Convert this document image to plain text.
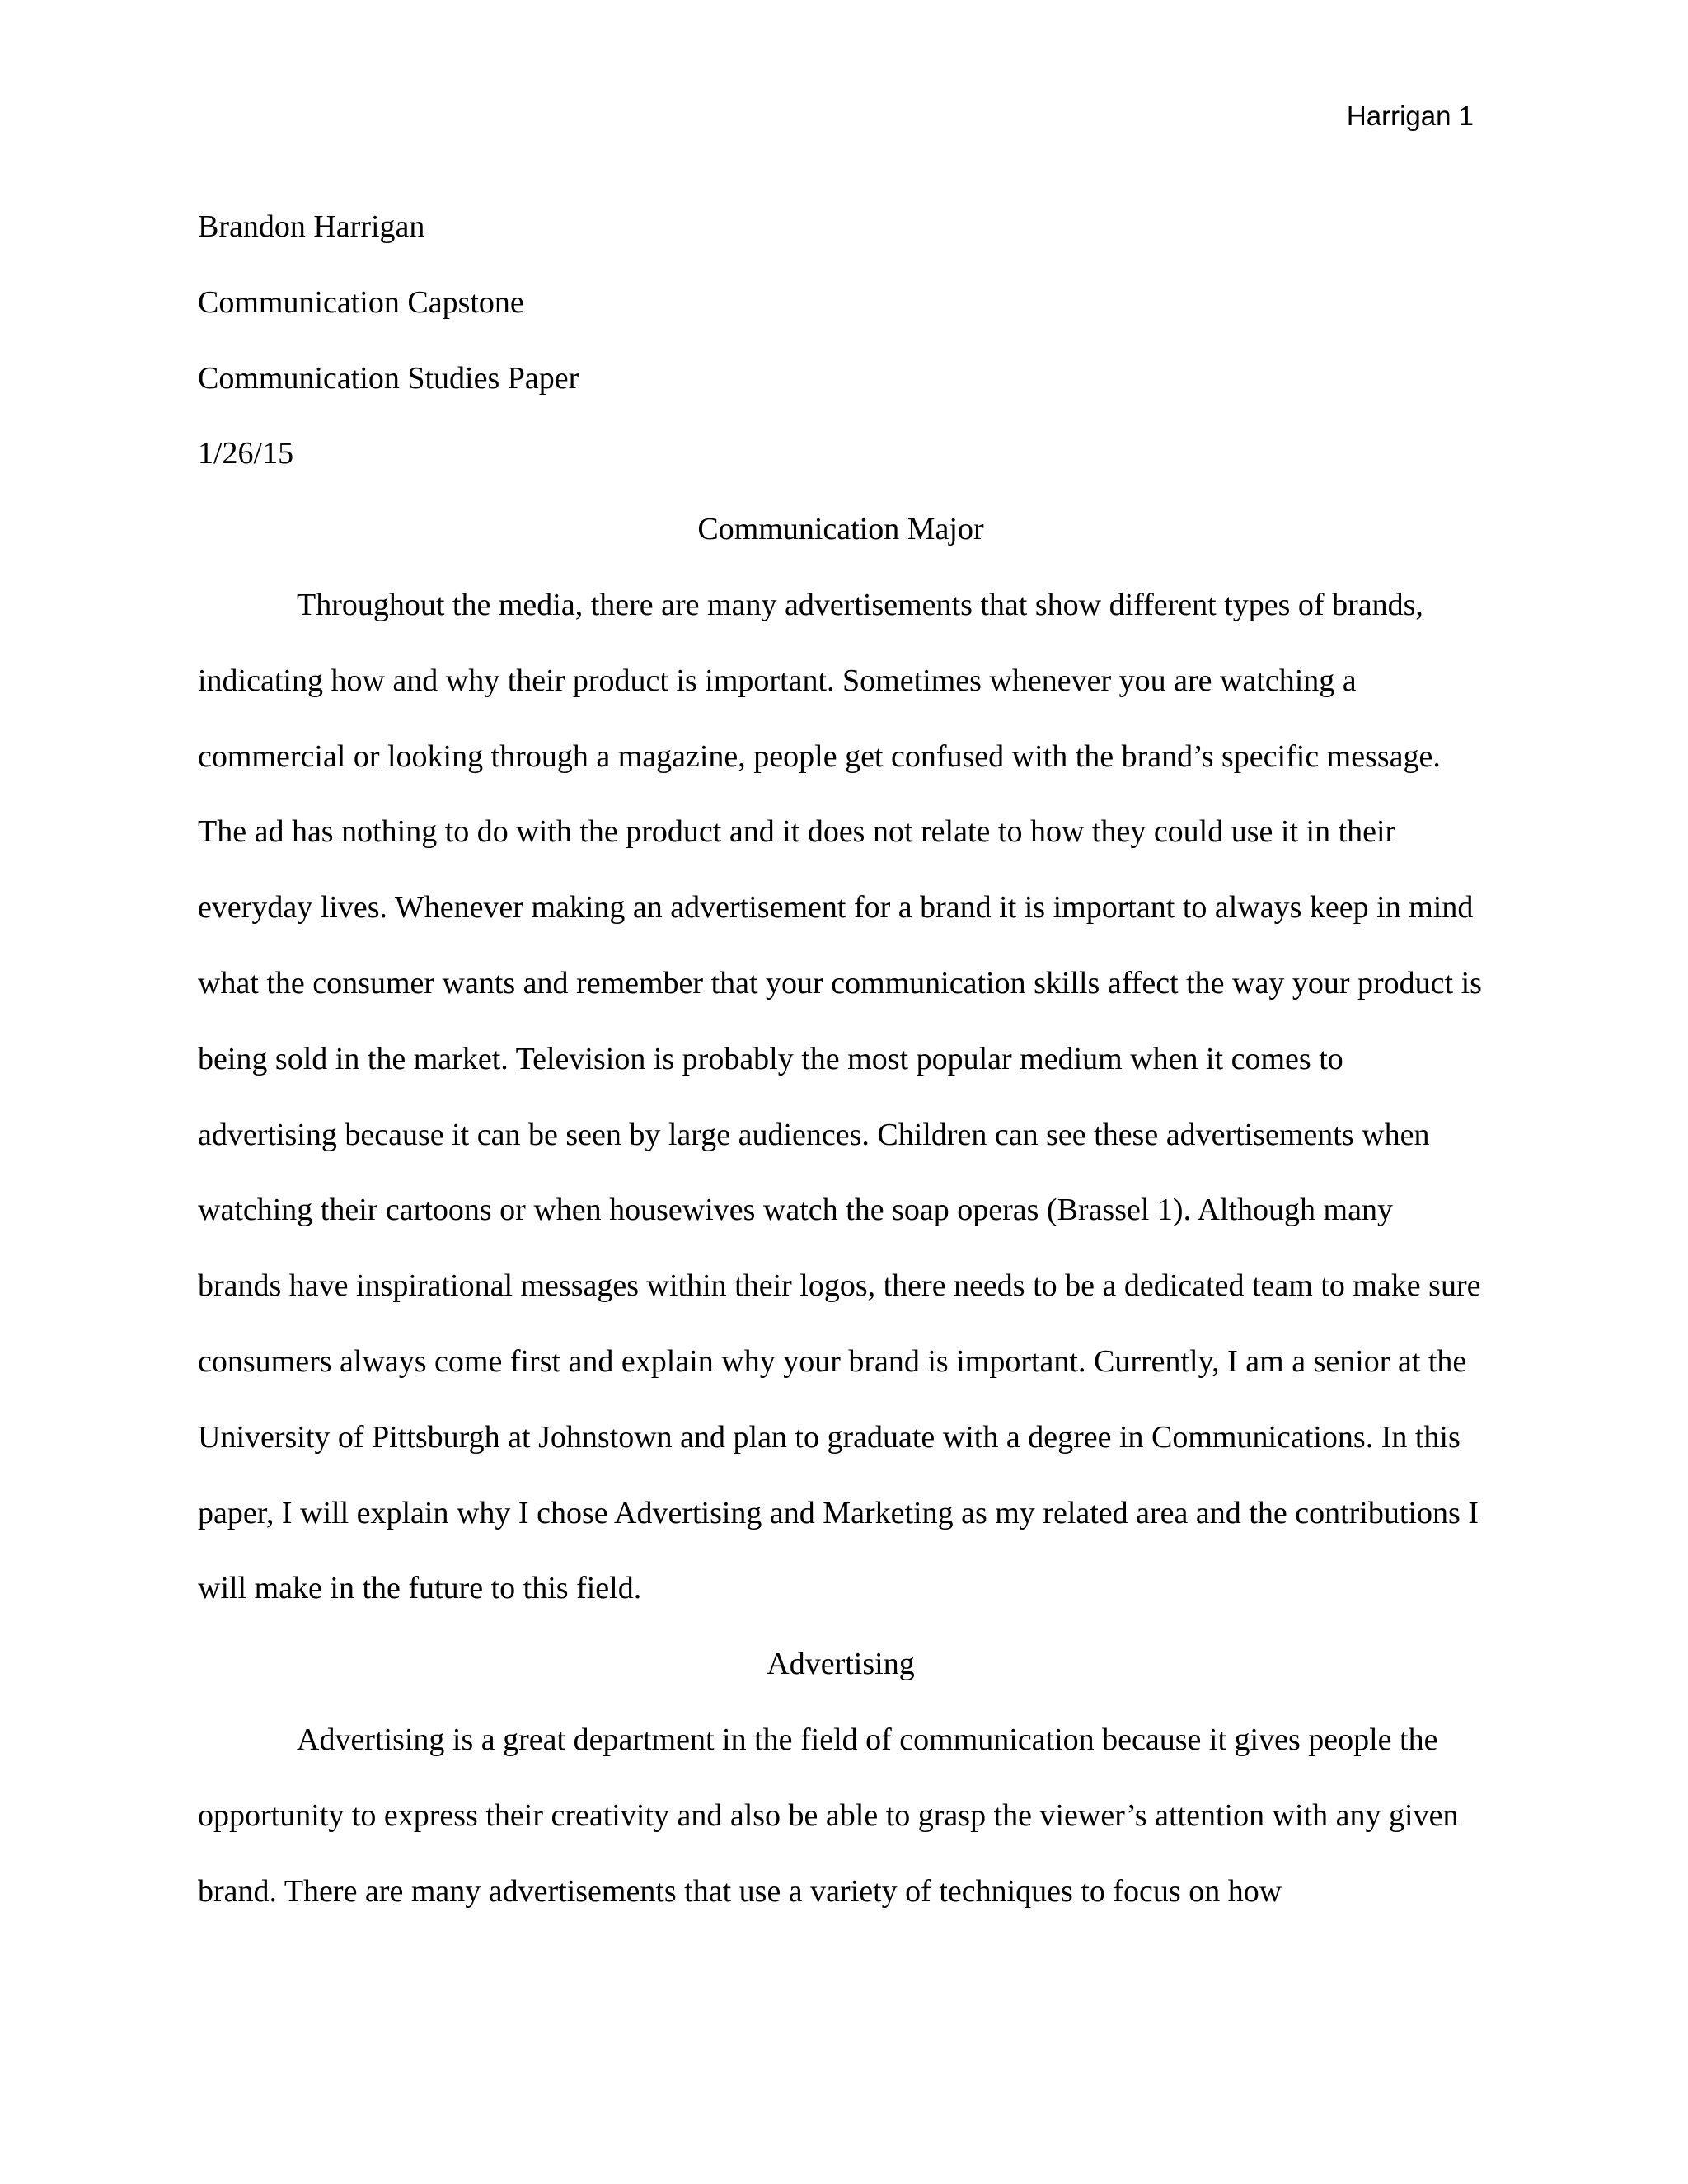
Harrigan 1
Brandon Harrigan
Communication Capstone
Communication Studies Paper
1/26/15
Communication Major
Throughout the media, there are many advertisements that show different types of brands, indicating how and why their product is important. Sometimes whenever you are watching a commercial or looking through a magazine, people get confused with the brand’s specific message. The ad has nothing to do with the product and it does not relate to how they could use it in their everyday lives. Whenever making an advertisement for a brand it is important to always keep in mind what the consumer wants and remember that your communication skills affect the way your product is being sold in the market. Television is probably the most popular medium when it comes to advertising because it can be seen by large audiences. Children can see these advertisements when watching their cartoons or when housewives watch the soap operas (Brassel 1). Although many brands have inspirational messages within their logos, there needs to be a dedicated team to make sure consumers always come first and explain why your brand is important. Currently, I am a senior at the University of Pittsburgh at Johnstown and plan to graduate with a degree in Communications. In this paper, I will explain why I chose Advertising and Marketing as my related area and the contributions I will make in the future to this field.
Advertising
Advertising is a great department in the field of communication because it gives people the opportunity to express their creativity and also be able to grasp the viewer’s attention with any given brand. There are many advertisements that use a variety of techniques to focus on how
